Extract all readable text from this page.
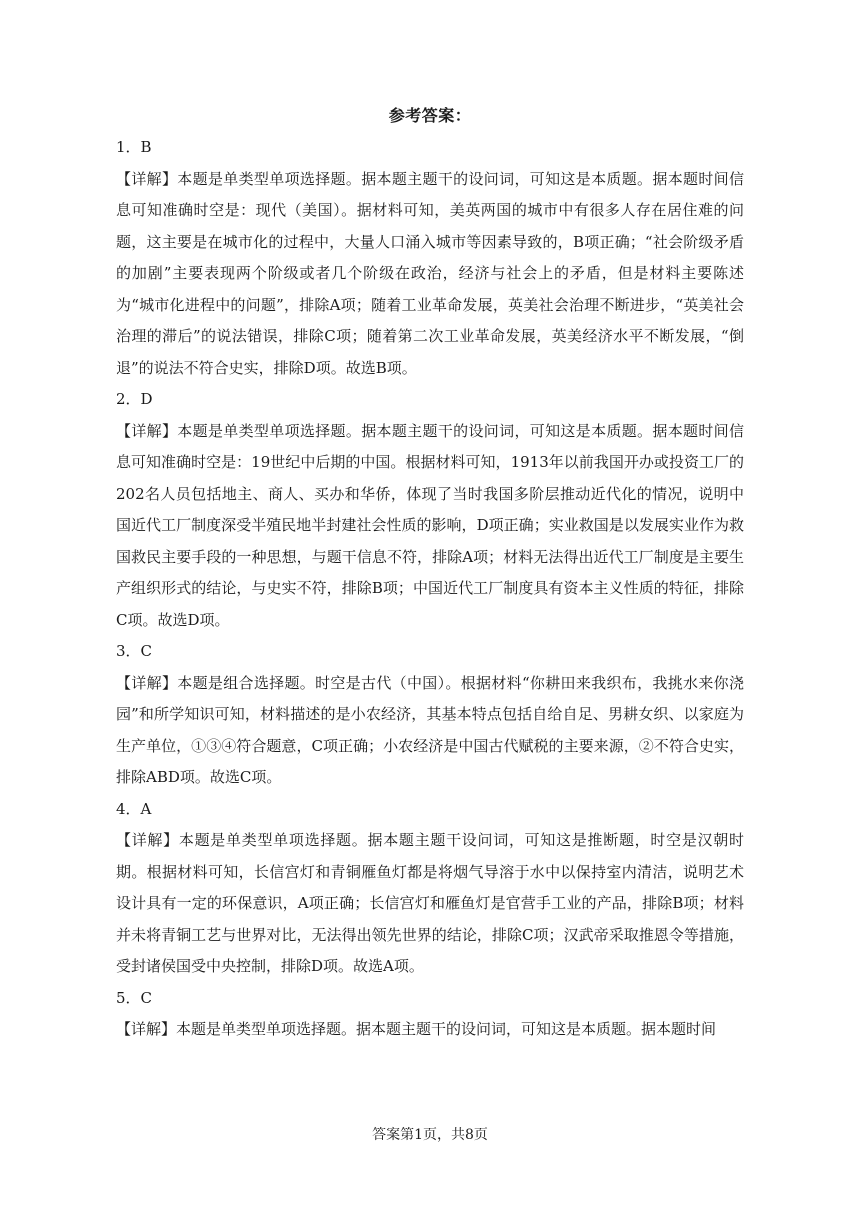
参考答案：

1．B

【详解】本题是单类型单项选择题。据本题主题干的设问词，可知这是本质题。据本题时间信息可知准确时空是：现代（美国）。据材料可知，美英两国的城市中有很多人存在居住难的问题，这主要是在城市化的过程中，大量人口涌入城市等因素导致的，B项正确；“社会阶级矛盾的加剧”主要表现两个阶级或者几个阶级在政治，经济与社会上的矛盾，但是材料主要陈述为“城市化进程中的问题”，排除A项；随着工业革命发展，英美社会治理不断进步，“英美社会治理的滞后”的说法错误，排除C项；随着第二次工业革命发展，英美经济水平不断发展，“倒退”的说法不符合史实，排除D项。故选B项。

2．D

【详解】本题是单类型单项选择题。据本题主题干的设问词，可知这是本质题。据本题时间信息可知准确时空是：19世纪中后期的中国。根据材料可知，1913年以前我国开办或投资工厂的202名人员包括地主、商人、买办和华侨，体现了当时我国多阶层推动近代化的情况，说明中国近代工厂制度深受半殖民地半封建社会性质的影响，D项正确；实业救国是以发展实业作为救国救民主要手段的一种思想，与题干信息不符，排除A项；材料无法得出近代工厂制度是主要生产组织形式的结论，与史实不符，排除B项；中国近代工厂制度具有资本主义性质的特征，排除C项。故选D项。

3．C

【详解】本题是组合选择题。时空是古代（中国）。根据材料“你耕田来我织布，我挑水来你浇园”和所学知识可知，材料描述的是小农经济，其基本特点包括自给自足、男耕女织、以家庭为生产单位，①③④符合题意，C项正确；小农经济是中国古代赋税的主要来源，②不符合史实，排除ABD项。故选C项。

4．A

【详解】本题是单类型单项选择题。据本题主题干设问词，可知这是推断题，时空是汉朝时期。根据材料可知，长信宫灯和青铜雁鱼灯都是将烟气导溶于水中以保持室内清洁，说明艺术设计具有一定的环保意识，A项正确；长信宫灯和雁鱼灯是官营手工业的产品，排除B项；材料并未将青铜工艺与世界对比，无法得出领先世界的结论，排除C项；汉武帝采取推恩令等措施，受封诸侯国受中央控制，排除D项。故选A项。

5．C

【详解】本题是单类型单项选择题。据本题主题干的设问词，可知这是本质题。据本题时间

答案第1页，共8页
